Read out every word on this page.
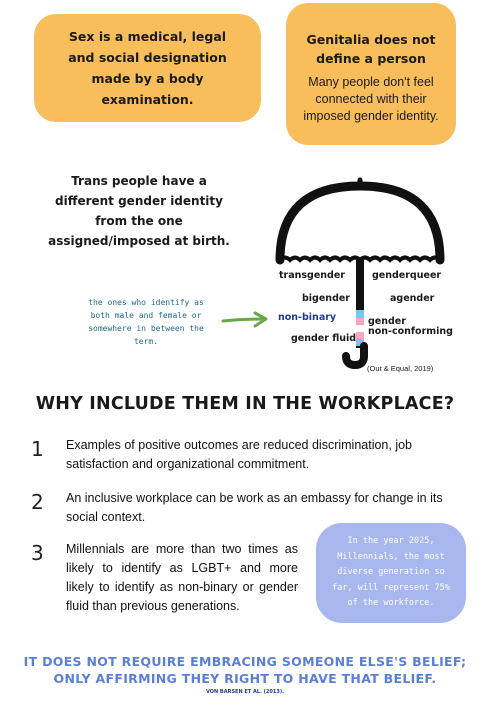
Sex is a medical, legal and social designation made by a body examination.
Genitalia does not define a person
Many people don't feel connected with their imposed gender identity.
Trans people have a different gender identity from the one assigned/imposed at birth.
transgender	genderqueer
bigender	agender
non-binary	gender
non-conforming
gender fluid
(Out & Equal, 2019)
the ones who identify as both male and female or somewhere in between the term.
WHY INCLUDE THEM IN THE WORKPLACE?
1 Examples of positive outcomes are reduced discrimination, job satisfaction and organizational commitment.
2 An inclusive workplace can be work as an embassy for change in its social context.
3 Millennials are more than two times as likely to identify as LGBT+ and more likely to identify as non-binary or gender fluid than previous generations.
In the year 2025, Millennials, the most diverse generation so far, will represent 75% of the workforce.
IT DOES NOT REQUIRE EMBRACING SOMEONE ELSE'S BELIEF;
ONLY AFFIRMING THEY RIGHT TO HAVE THAT BELIEF.
VON BARSEN ET AL. (2013).
